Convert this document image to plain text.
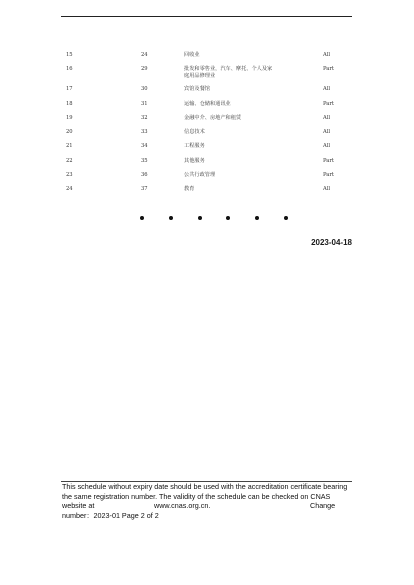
15	24	回收业	All
16	29	批发和零售业，汽车、摩托、个人及家
庭用品修理业	Part
17	30	宾馆及餐馆	All
18	31	运输、仓储和通讯业	Part
19	32	金融中介、房地产和租赁	All
20	33	信息技术	All
21	34	工程服务	All
22	35	其他服务	Part
23	36	公共行政管理	Part
24	37	教育	All
2023-04-18
This schedule without expiry date should be used with the accreditation certificate bearing
the same registration number. The validity of the schedule can be checked on CNAS
website at	www.cnas.org.cn.	Change
number：2023-01 Page 2 of 2
